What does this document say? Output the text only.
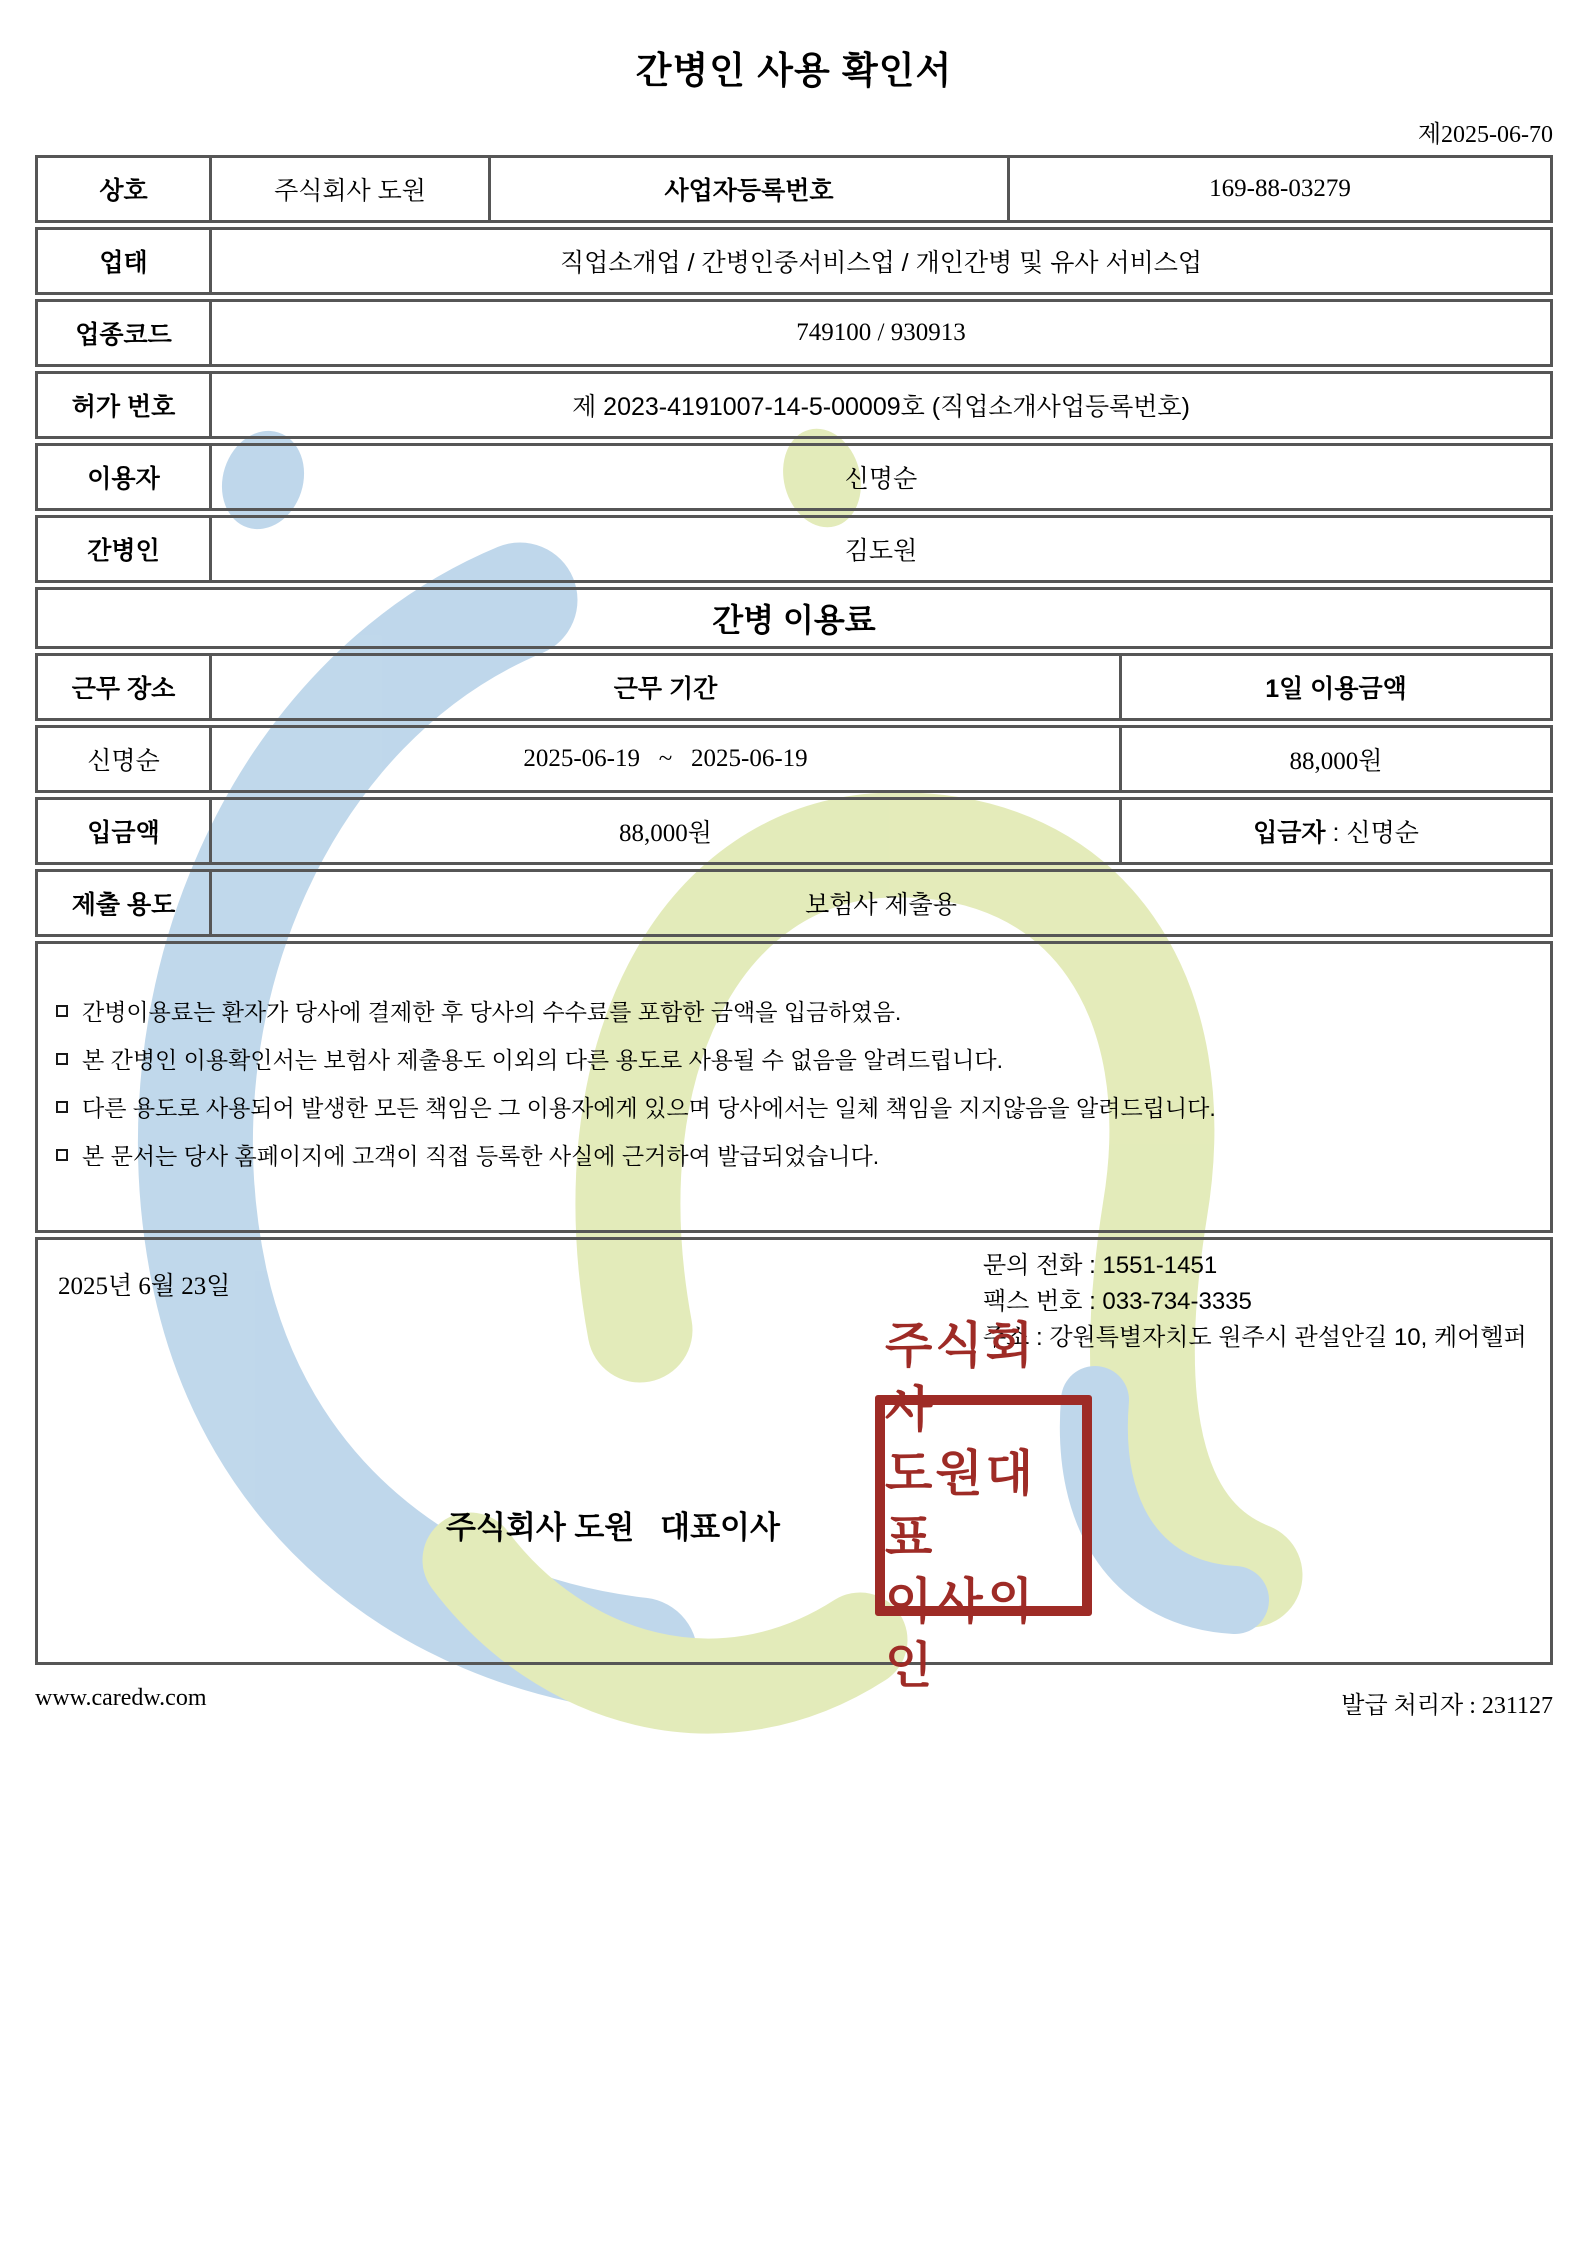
간병인 사용 확인서
제2025-06-70
상호	주식회사 도원	사업자등록번호	169-88-03279
업태	직업소개업 / 간병인중서비스업 / 개인간병 및 유사 서비스업
업종코드	749100 / 930913
허가 번호	제 2023-4191007-14-5-00009호 (직업소개사업등록번호)
이용자	신명순
간병인	김도원
간병 이용료
근무 장소	근무 기간	1일 이용금액
신명순	2025-06-19   ~   2025-06-19	88,000원
입금액	88,000원	입금자 : 신명순
제출 용도	보험사 제출용
간병이용료는 환자가 당사에 결제한 후 당사의 수수료를 포함한 금액을 입금하였음.
본 간병인 이용확인서는 보험사 제출용도 이외의 다른 용도로 사용될 수 없음을 알려드립니다.
다른 용도로 사용되어 발생한 모든 책임은 그 이용자에게 있으며 당사에서는 일체 책임을 지지않음을 알려드립니다.
본 문서는 당사 홈페이지에 고객이 직접 등록한 사실에 근거하여 발급되었습니다.
2025년 6월 23일
문의 전화 : 1551-1451
팩스 번호 : 033-734-3335
주소 : 강원특별자치도 원주시 관설안길 10, 케어헬퍼
주식회사 도원   대표이사
주식회사
도원대표
이사의인
www.caredw.com	발급 처리자 : 231127
